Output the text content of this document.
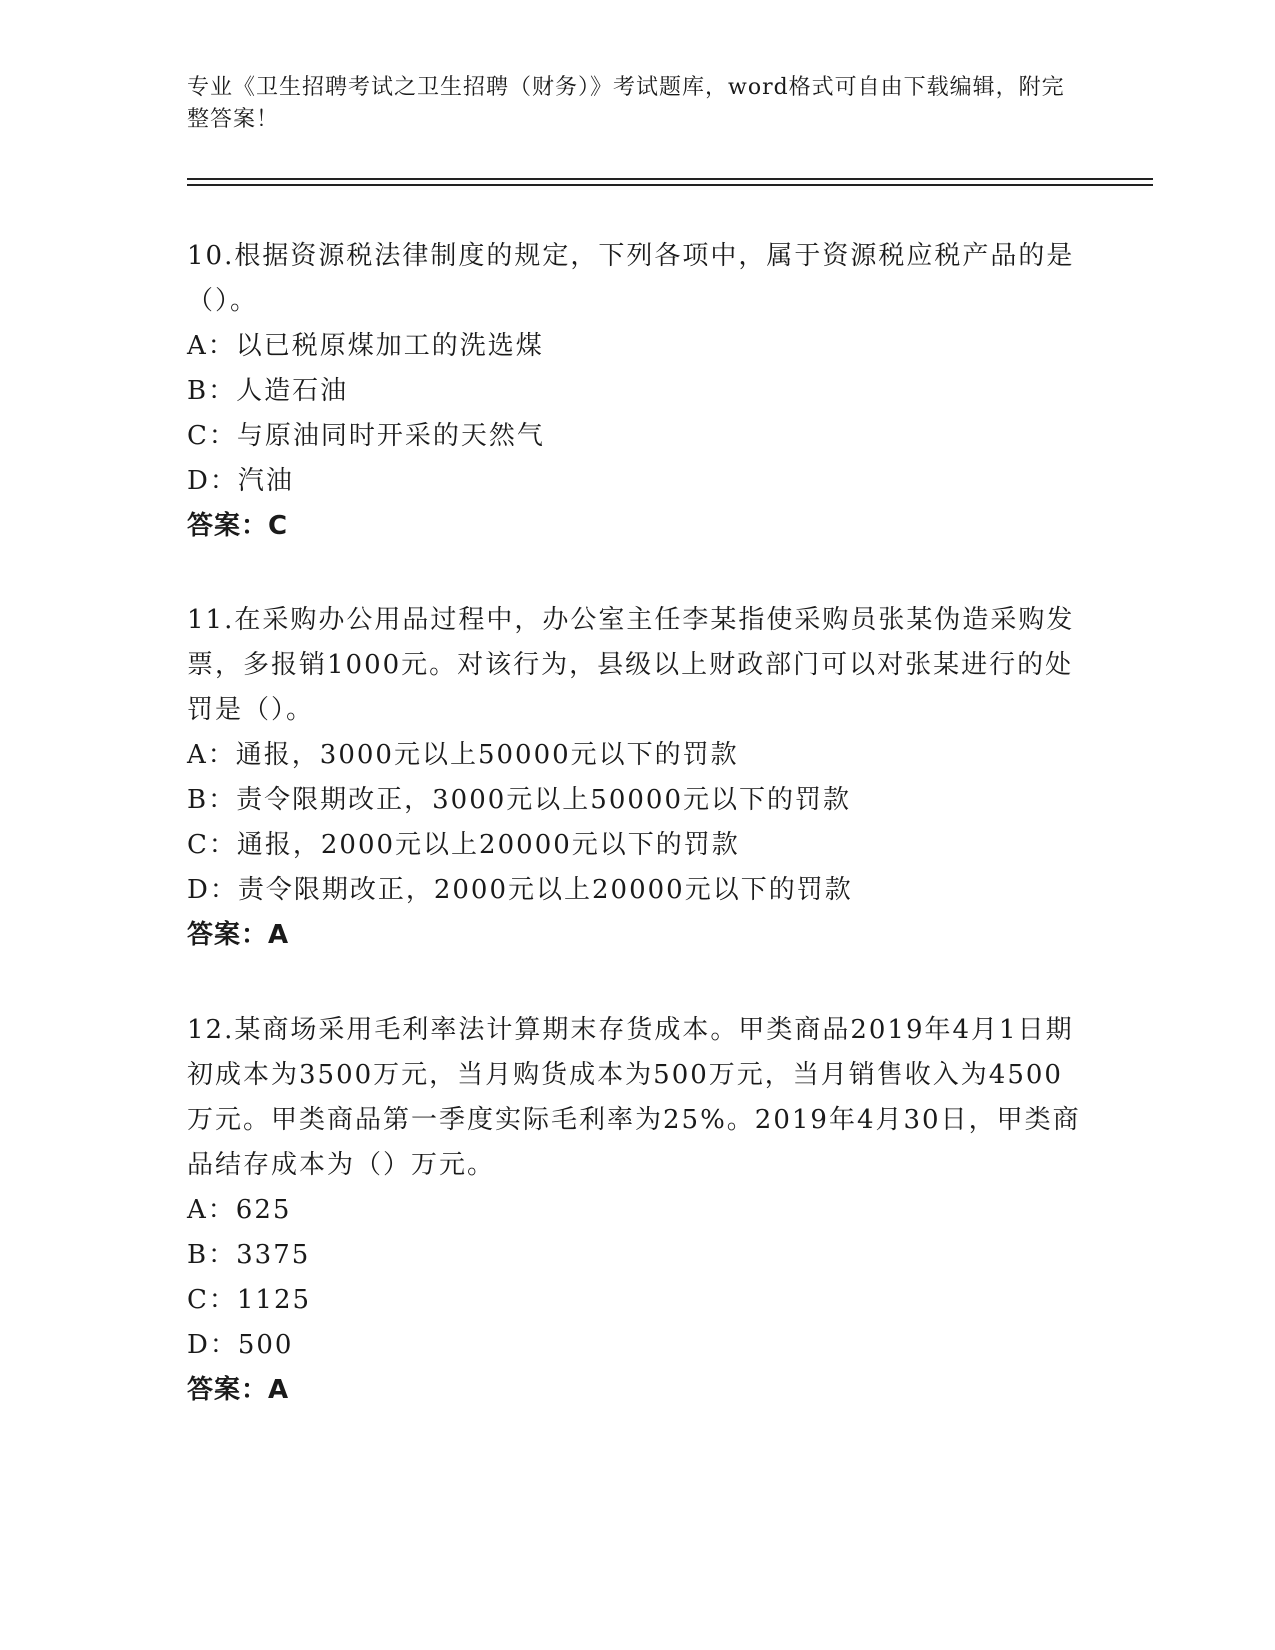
专业《卫生招聘考试之卫生招聘（财务）》考试题库，word格式可自由下载编辑，附完整答案！
10.根据资源税法律制度的规定，下列各项中，属于资源税应税产品的是（）。
A：以已税原煤加工的洗选煤
B：人造石油
C：与原油同时开采的天然气
D：汽油
答案：C
11.在采购办公用品过程中，办公室主任李某指使采购员张某伪造采购发票，多报销1000元。对该行为，县级以上财政部门可以对张某进行的处罚是（）。
A：通报，3000元以上50000元以下的罚款
B：责令限期改正，3000元以上50000元以下的罚款
C：通报，2000元以上20000元以下的罚款
D：责令限期改正，2000元以上20000元以下的罚款
答案：A
12.某商场采用毛利率法计算期末存货成本。甲类商品2019年4月1日期初成本为3500万元，当月购货成本为500万元，当月销售收入为4500万元。甲类商品第一季度实际毛利率为25%。2019年4月30日，甲类商品结存成本为（）万元。
A：625
B：3375
C：1125
D：500
答案：A
